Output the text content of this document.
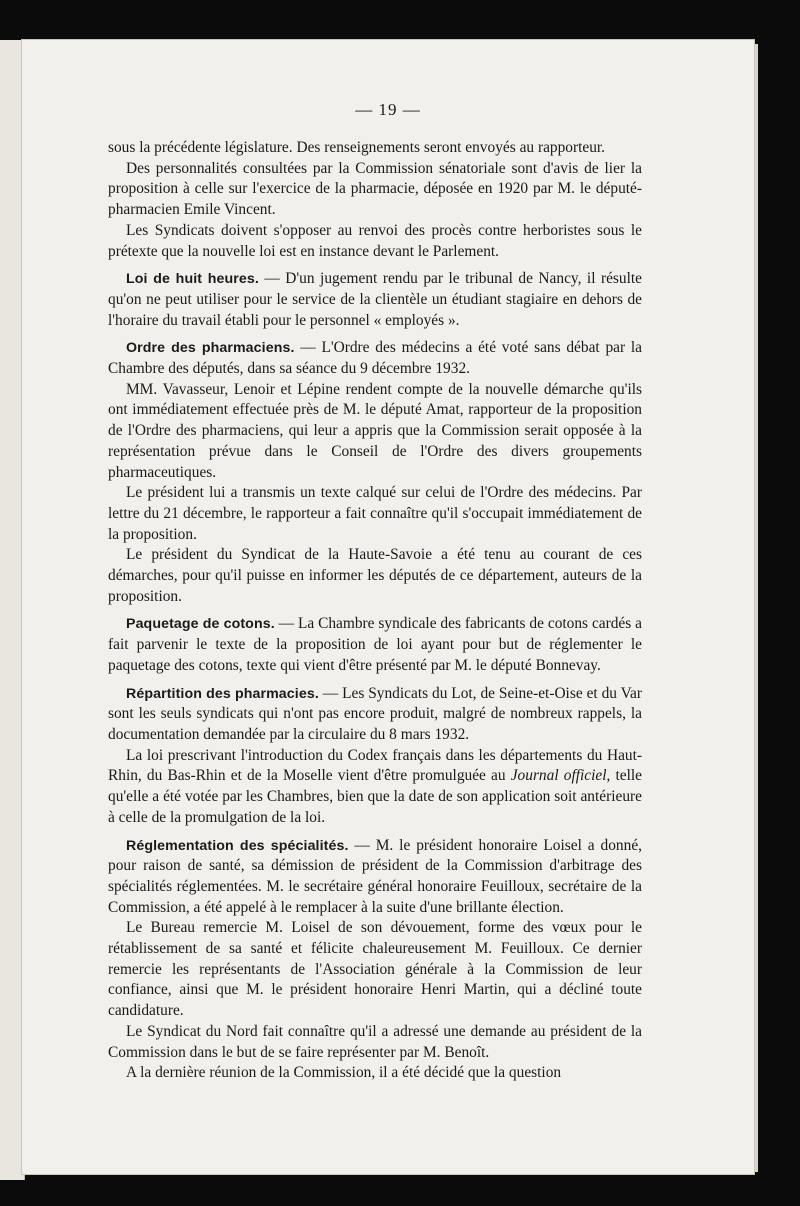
— 19 —

sous la précédente législature. Des renseignements seront envoyés au rapporteur.

Des personnalités consultées par la Commission sénatoriale sont d'avis de lier la proposition à celle sur l'exercice de la pharmacie, déposée en 1920 par M. le député-pharmacien Emile Vincent.

Les Syndicats doivent s'opposer au renvoi des procès contre herboristes sous le prétexte que la nouvelle loi est en instance devant le Parlement.

Loi de huit heures. — D'un jugement rendu par le tribunal de Nancy, il résulte qu'on ne peut utiliser pour le service de la clientèle un étudiant stagiaire en dehors de l'horaire du travail établi pour le personnel « employés ».

Ordre des pharmaciens. — L'Ordre des médecins a été voté sans débat par la Chambre des députés, dans sa séance du 9 décembre 1932.

MM. Vavasseur, Lenoir et Lépine rendent compte de la nouvelle démarche qu'ils ont immédiatement effectuée près de M. le député Amat, rapporteur de la proposition de l'Ordre des pharmaciens, qui leur a appris que la Commission serait opposée à la représentation prévue dans le Conseil de l'Ordre des divers groupements pharmaceutiques.

Le président lui a transmis un texte calqué sur celui de l'Ordre des médecins. Par lettre du 21 décembre, le rapporteur a fait connaître qu'il s'occupait immédiatement de la proposition.

Le président du Syndicat de la Haute-Savoie a été tenu au courant de ces démarches, pour qu'il puisse en informer les députés de ce département, auteurs de la proposition.

Paquetage de cotons. — La Chambre syndicale des fabricants de cotons cardés a fait parvenir le texte de la proposition de loi ayant pour but de réglementer le paquetage des cotons, texte qui vient d'être présenté par M. le député Bonnevay.

Répartition des pharmacies. — Les Syndicats du Lot, de Seine-et-Oise et du Var sont les seuls syndicats qui n'ont pas encore produit, malgré de nombreux rappels, la documentation demandée par la circulaire du 8 mars 1932.

La loi prescrivant l'introduction du Codex français dans les départements du Haut-Rhin, du Bas-Rhin et de la Moselle vient d'être promulguée au Journal officiel, telle qu'elle a été votée par les Chambres, bien que la date de son application soit antérieure à celle de la promulgation de la loi.

Réglementation des spécialités. — M. le président honoraire Loisel a donné, pour raison de santé, sa démission de président de la Commission d'arbitrage des spécialités réglementées. M. le secrétaire général honoraire Feuilloux, secrétaire de la Commission, a été appelé à le remplacer à la suite d'une brillante élection.

Le Bureau remercie M. Loisel de son dévouement, forme des vœux pour le rétablissement de sa santé et félicite chaleureusement M. Feuilloux. Ce dernier remercie les représentants de l'Association générale à la Commission de leur confiance, ainsi que M. le président honoraire Henri Martin, qui a décliné toute candidature.

Le Syndicat du Nord fait connaître qu'il a adressé une demande au président de la Commission dans le but de se faire représenter par M. Benoît.

A la dernière réunion de la Commission, il a été décidé que la question
